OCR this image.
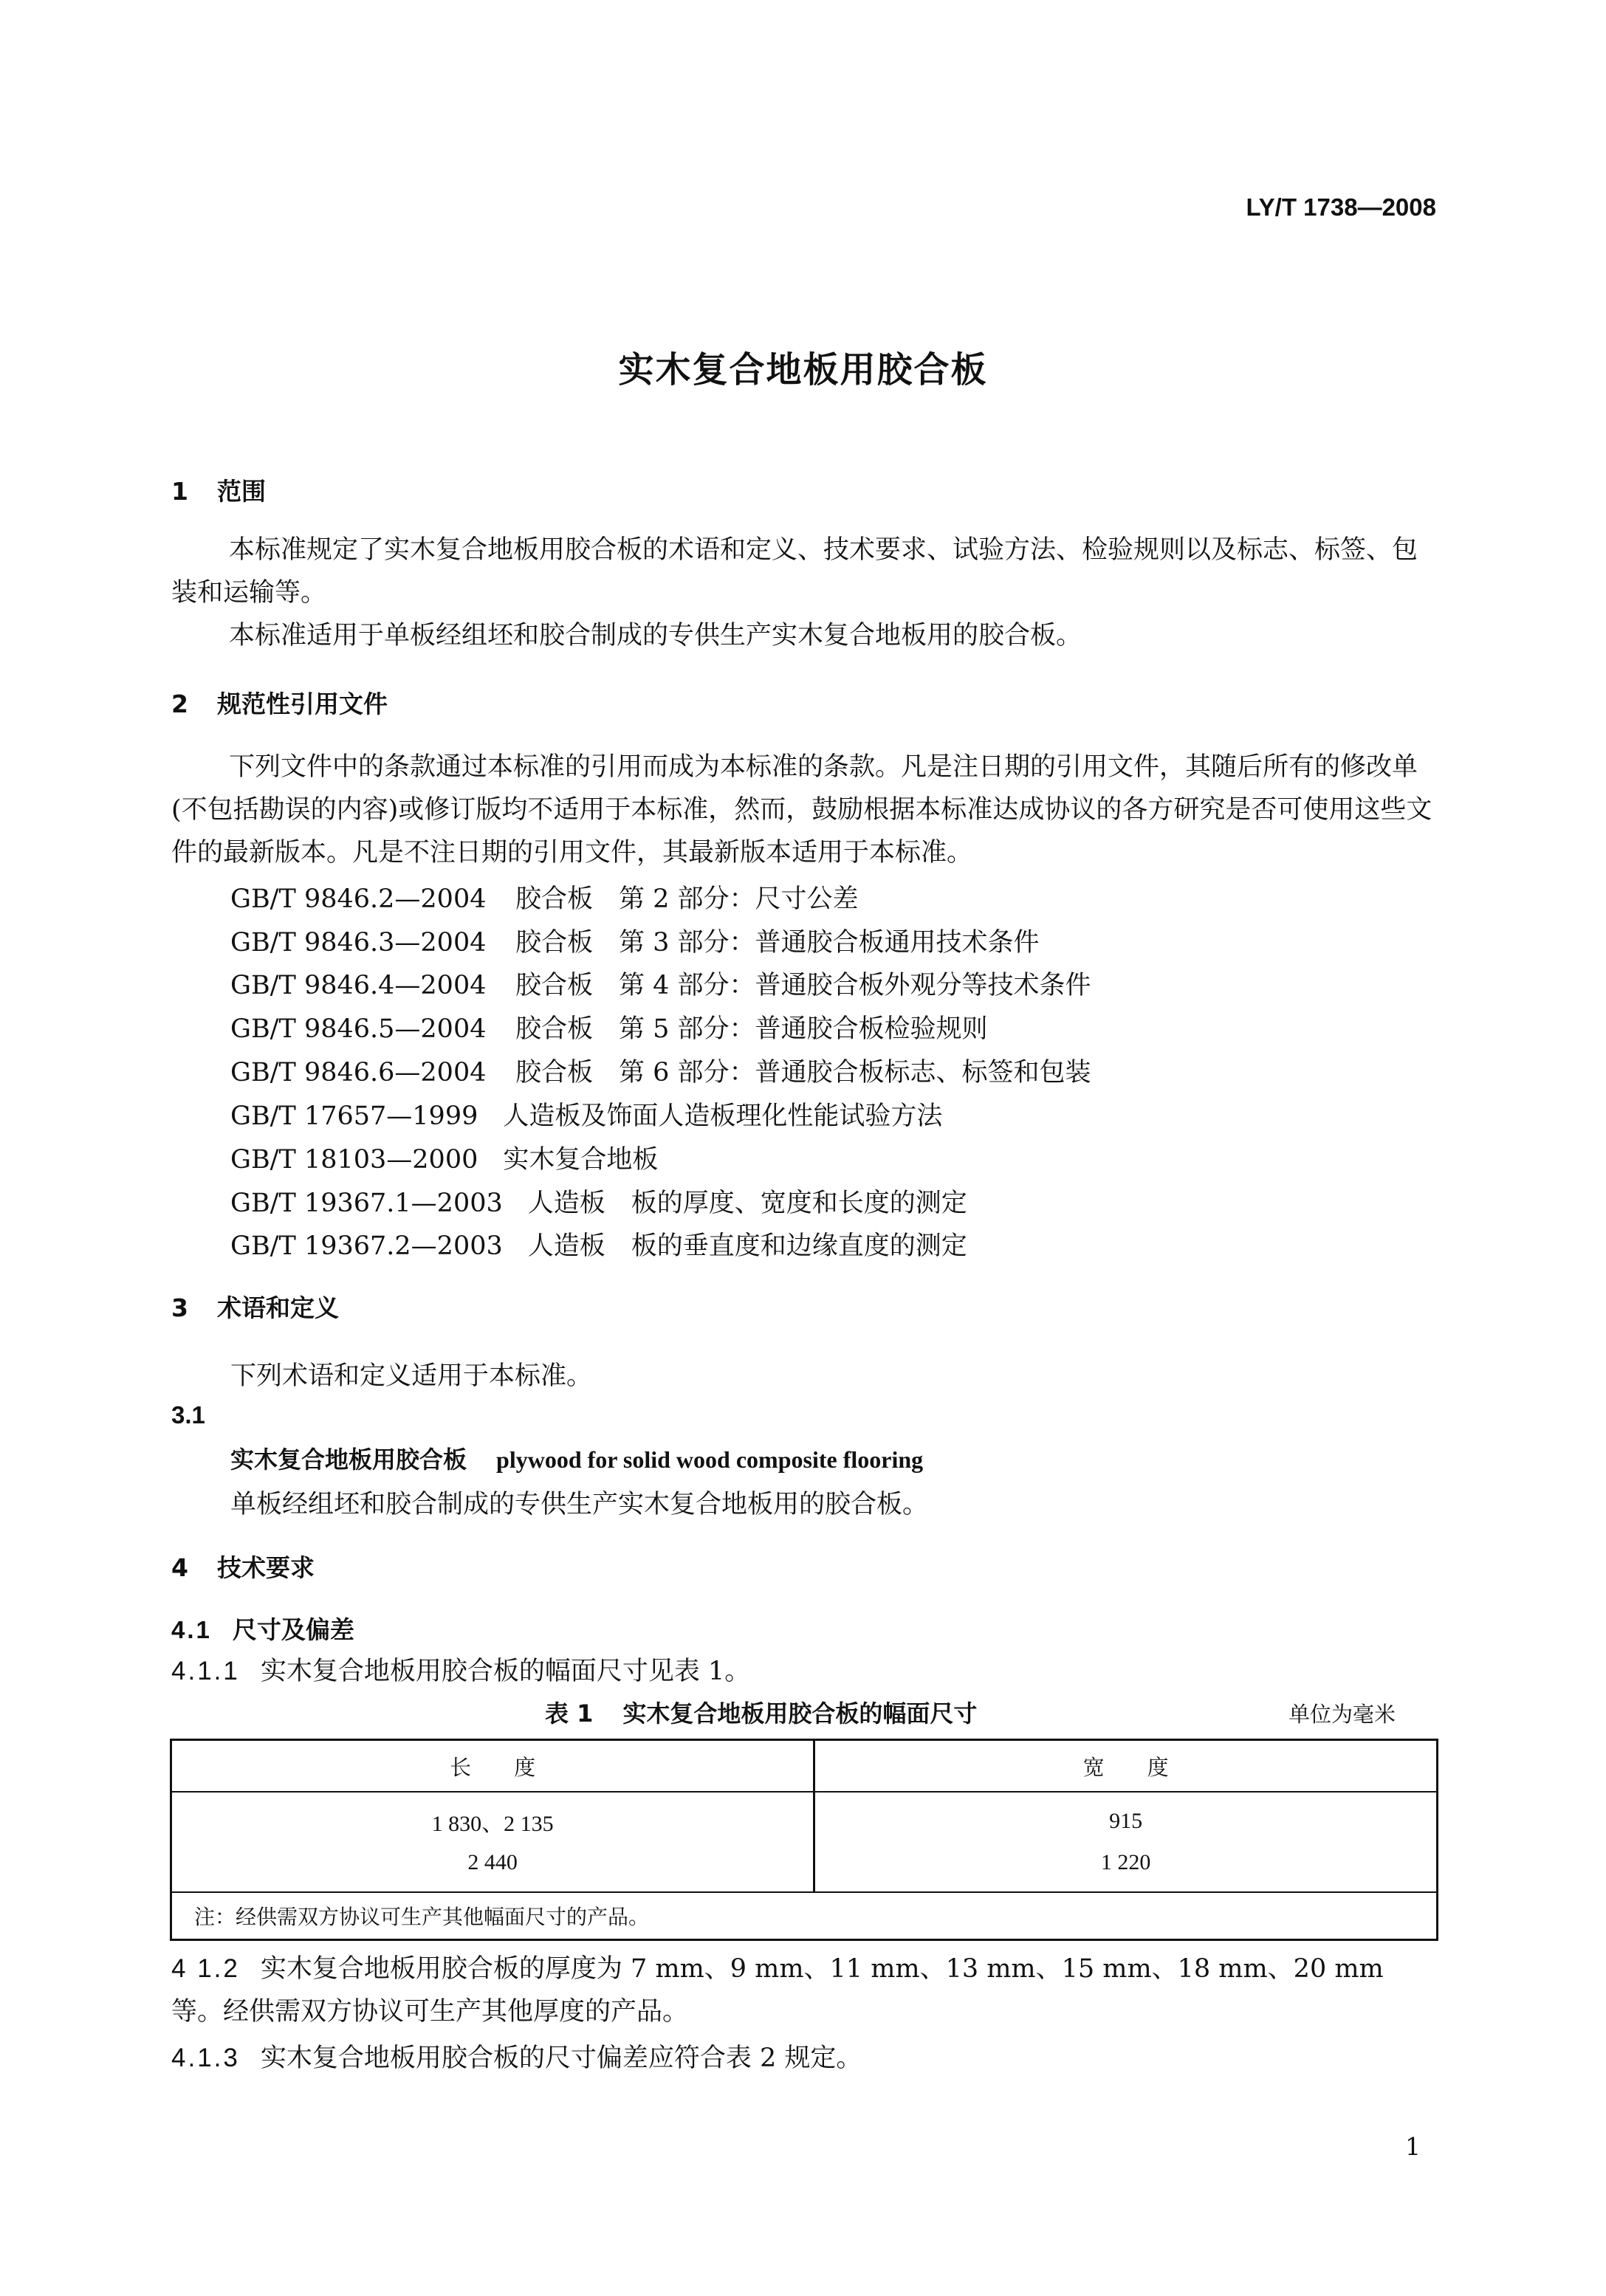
LY/T 1738—2008
实木复合地板用胶合板
1 范围
本标准规定了实木复合地板用胶合板的术语和定义、技术要求、试验方法、检验规则以及标志、标签、包装和运输等。
本标准适用于单板经组坯和胶合制成的专供生产实木复合地板用的胶合板。
2 规范性引用文件
下列文件中的条款通过本标准的引用而成为本标准的条款。凡是注日期的引用文件，其随后所有的修改单(不包括勘误的内容)或修订版均不适用于本标准，然而，鼓励根据本标准达成协议的各方研究是否可使用这些文件的最新版本。凡是不注日期的引用文件，其最新版本适用于本标准。
GB/T 9846.2—2004 胶合板　第 2 部分：尺寸公差
GB/T 9846.3—2004 胶合板　第 3 部分：普通胶合板通用技术条件
GB/T 9846.4—2004 胶合板　第 4 部分：普通胶合板外观分等技术条件
GB/T 9846.5—2004 胶合板　第 5 部分：普通胶合板检验规则
GB/T 9846.6—2004 胶合板　第 6 部分：普通胶合板标志、标签和包装
GB/T 17657—1999 人造板及饰面人造板理化性能试验方法
GB/T 18103—2000 实木复合地板
GB/T 19367.1—2003 人造板　板的厚度、宽度和长度的测定
GB/T 19367.2—2003 人造板　板的垂直度和边缘直度的测定
3 术语和定义
下列术语和定义适用于本标准。
3.1
实木复合地板用胶合板 plywood for solid wood composite flooring
单板经组坯和胶合制成的专供生产实木复合地板用的胶合板。
4 技术要求
4.1 尺寸及偏差
4.1.1 实木复合地板用胶合板的幅面尺寸见表 1。
表 1 实木复合地板用胶合板的幅面尺寸	单位为毫米
长　　度	宽　　度
1 830、2 135	915
2 440	1 220
注：经供需双方协议可生产其他幅面尺寸的产品。	
4 1.2 实木复合地板用胶合板的厚度为 7 mm、9 mm、11 mm、13 mm、15 mm、18 mm、20 mm 等。经供需双方协议可生产其他厚度的产品。
4.1.3 实木复合地板用胶合板的尺寸偏差应符合表 2 规定。
1
